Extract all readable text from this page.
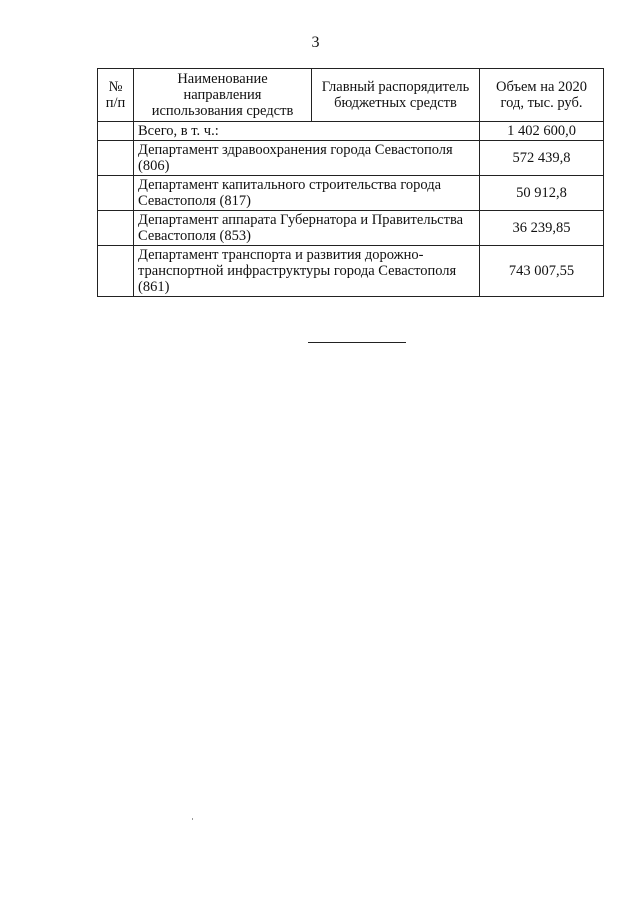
3
№ п/п	Наименование направления использования средств	Главный распорядитель бюджетных средств	Объем на 2020 год, тыс. руб.
	Всего, в т. ч.:		1 402 600,0
	Департамент здравоохранения города Севастополя (806)		572 439,8
	Департамент капитального строительства города Севастополя (817)		50 912,8
	Департамент аппарата Губернатора и Правительства Севастополя (853)		36 239,85
	Департамент транспорта и развития дорожно-транспортной инфраструктуры города Севастополя (861)		743 007,55
